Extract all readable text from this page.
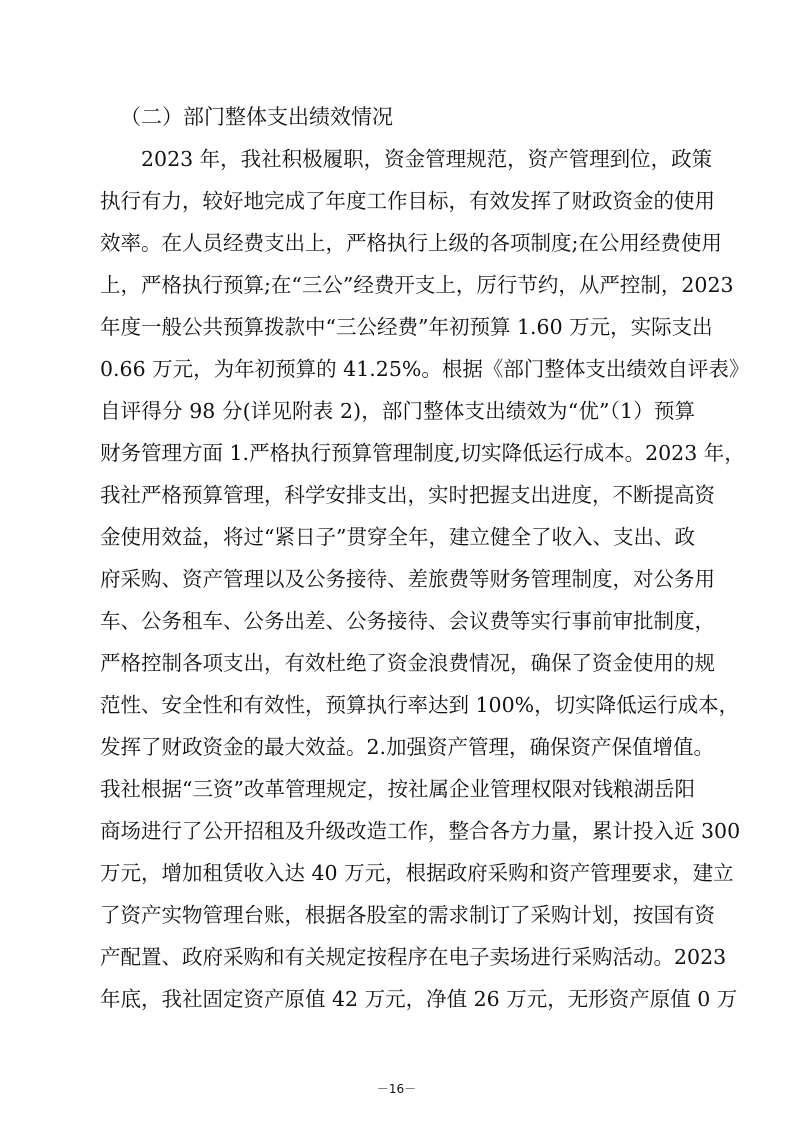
（二）部门整体支出绩效情况
2023 年，我社积极履职，资金管理规范，资产管理到位，政策
执行有力，较好地完成了年度工作目标，有效发挥了财政资金的使用
效率。在人员经费支出上，严格执行上级的各项制度;在公用经费使用
上，严格执行预算;在“三公”经费开支上，厉行节约，从严控制，2023
年度一般公共预算拨款中“三公经费”年初预算 1.60 万元，实际支出
0.66 万元，为年初预算的 41.25%。根据《部门整体支出绩效自评表》
自评得分 98 分(详见附表 2)，部门整体支出绩效为“优”（1）预算
财务管理方面 1.严格执行预算管理制度,切实降低运行成本。2023 年，
我社严格预算管理，科学安排支出，实时把握支出进度，不断提高资
金使用效益，将过“紧日子”贯穿全年，建立健全了收入、支出、政
府采购、资产管理以及公务接待、差旅费等财务管理制度，对公务用
车、公务租车、公务出差、公务接待、会议费等实行事前审批制度，
严格控制各项支出，有效杜绝了资金浪费情况，确保了资金使用的规
范性、安全性和有效性，预算执行率达到 100%，切实降低运行成本，
发挥了财政资金的最大效益。2.加强资产管理，确保资产保值增值。
我社根据“三资”改革管理规定，按社属企业管理权限对钱粮湖岳阳
商场进行了公开招租及升级改造工作，整合各方力量，累计投入近 300
万元，增加租赁收入达 40 万元，根据政府采购和资产管理要求，建立
了资产实物管理台账，根据各股室的需求制订了采购计划，按国有资
产配置、政府采购和有关规定按程序在电子卖场进行采购活动。2023
年底，我社固定资产原值 42 万元，净值 26 万元，无形资产原值 0 万
－16－
